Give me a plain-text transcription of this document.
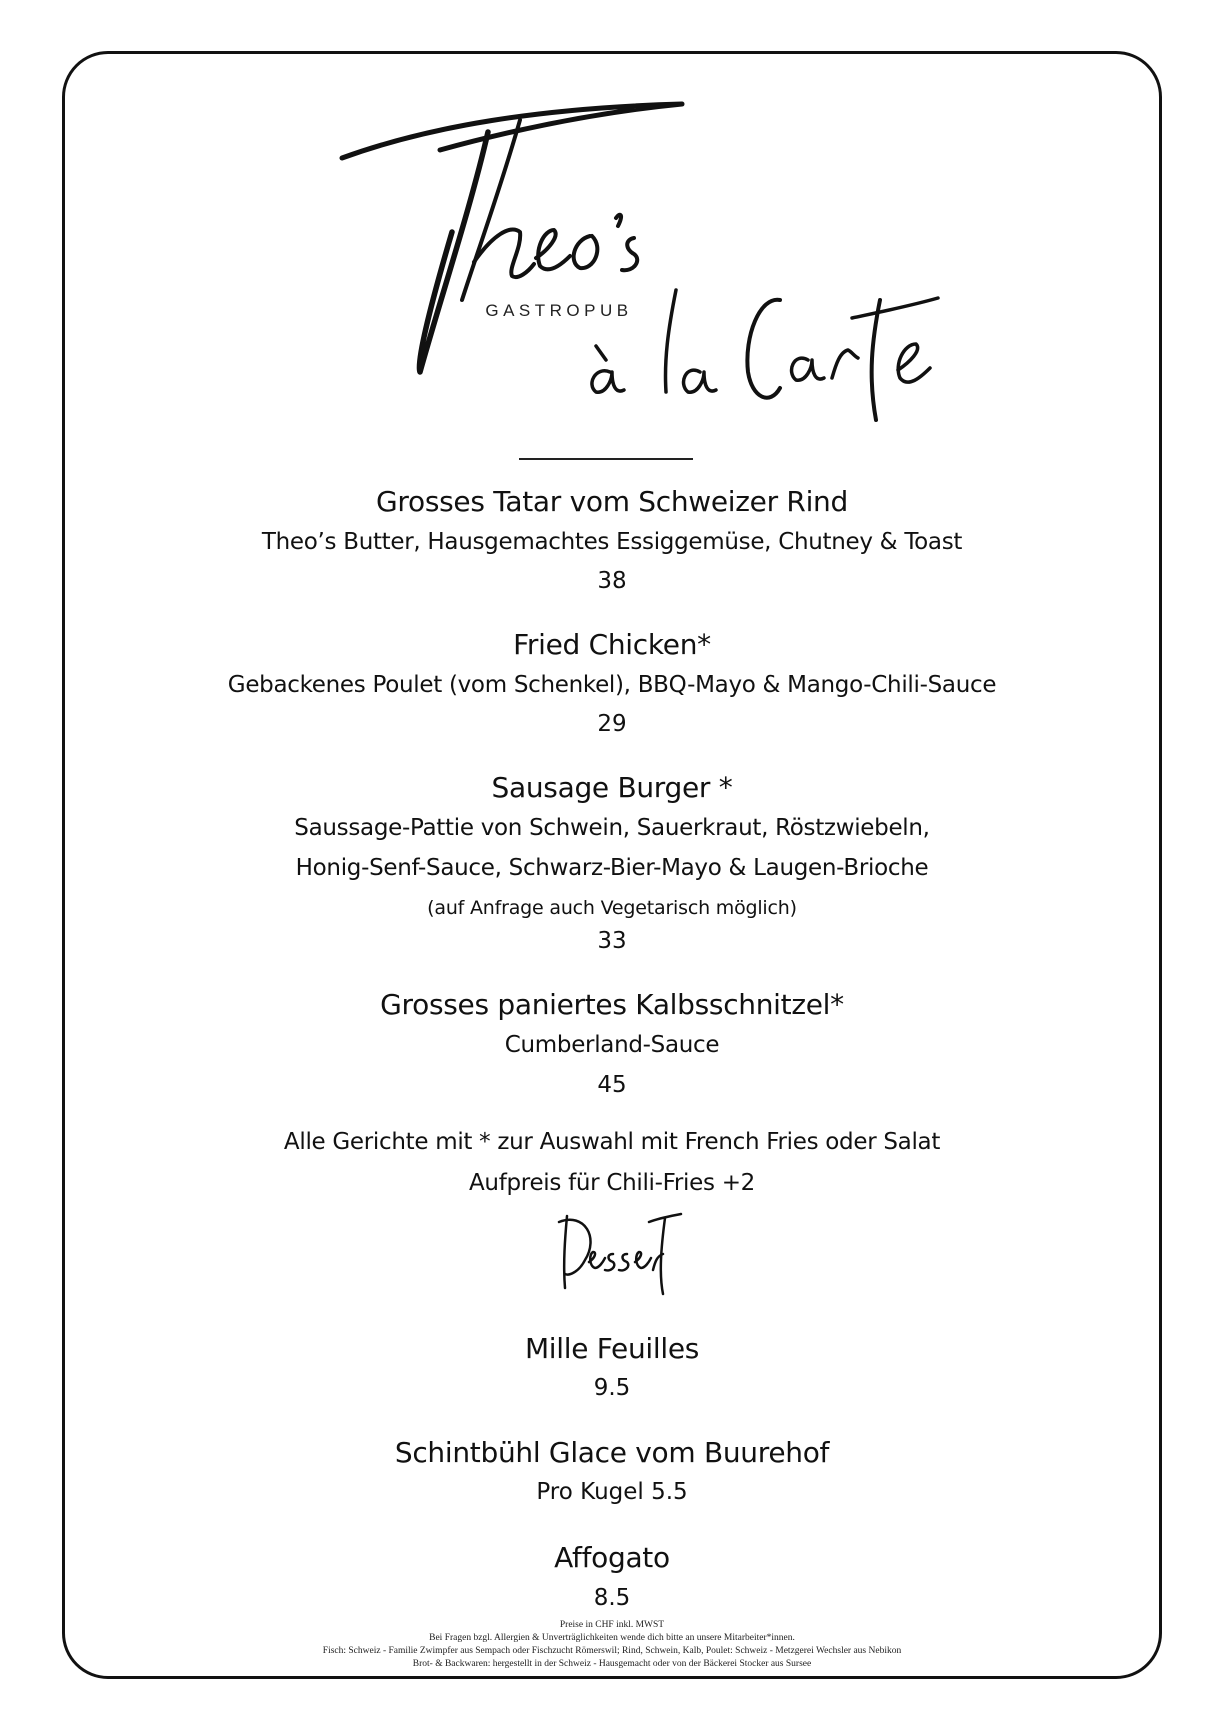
GASTROPUB
Grosses Tatar vom Schweizer Rind
Theo’s Butter, Hausgemachtes Essiggemüse, Chutney & Toast
38
Fried Chicken*
Gebackenes Poulet (vom Schenkel), BBQ-Mayo & Mango-Chili-Sauce
29
Sausage Burger *
Saussage-Pattie von Schwein, Sauerkraut, Röstzwiebeln,
Honig-Senf-Sauce, Schwarz-Bier-Mayo & Laugen-Brioche
(auf Anfrage auch Vegetarisch möglich)
33
Grosses paniertes Kalbsschnitzel*
Cumberland-Sauce
45
Alle Gerichte mit * zur Auswahl mit French Fries oder Salat
Aufpreis für Chili-Fries +2
Dessert
Mille Feuilles
9.5
Schintbühl Glace vom Buurehof
Pro Kugel 5.5
Affogato
8.5
Preise in CHF inkl. MWST
Bei Fragen bzgl. Allergien & Unverträglichkeiten wende dich bitte an unsere Mitarbeiter*innen.
Fisch: Schweiz - Familie Zwimpfer aus Sempach oder Fischzucht Römerswil; Rind, Schwein, Kalb, Poulet: Schweiz - Metzgerei Wechsler aus Nebikon
Brot- & Backwaren: hergestellt in der Schweiz - Hausgemacht oder von der Bäckerei Stocker aus Sursee
